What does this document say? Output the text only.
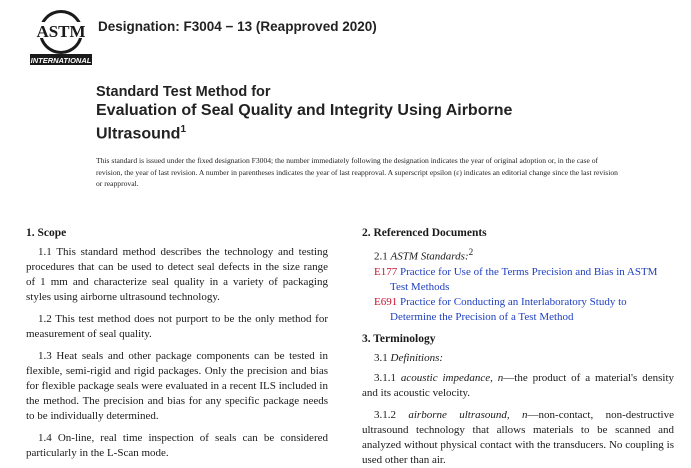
ASTM
INTERNATIONAL
Designation: F3004 − 13 (Reapproved 2020)
Standard Test Method for
Evaluation of Seal Quality and Integrity Using Airborne
Ultrasound$^1$
This standard is issued under the fixed designation F3004; the number immediately following the designation indicates the year of original adoption or, in the case of revision, the year of last revision. A number in parentheses indicates the year of last reapproval. A superscript epsilon (ε) indicates an editorial change since the last revision or reapproval.
1. Scope

1.1 This standard method describes the technology and testing procedures that can be used to detect seal defects in the size range of 1 mm and characterize seal quality in a variety of packaging styles using airborne ultrasound technology.

1.2 This test method does not purport to be the only method for measurement of seal quality.

1.3 Heat seals and other package components can be tested in flexible, semi-rigid and rigid packages. Only the precision and bias for flexible package seals were evaluated in a recent ILS included in the method. The precision and bias for any specific package needs to be individually determined.

1.4 On-line, real time inspection of seals can be considered particularly in the L-Scan mode.

2. Referenced Documents

2.1 ASTM Standards:$^2$

E177 Practice for Use of the Terms Precision and Bias in ASTM Test Methods
E691 Practice for Conducting an Interlaboratory Study to Determine the Precision of a Test Method
3. Terminology

3.1 Definitions:

3.1.1 acoustic impedance, n—the product of a material's density and its acoustic velocity.

3.1.2 airborne ultrasound, n—non-contact, non-destructive ultrasound technology that allows materials to be scanned and analyzed without physical contact with the transducers. No coupling is used other than air.
